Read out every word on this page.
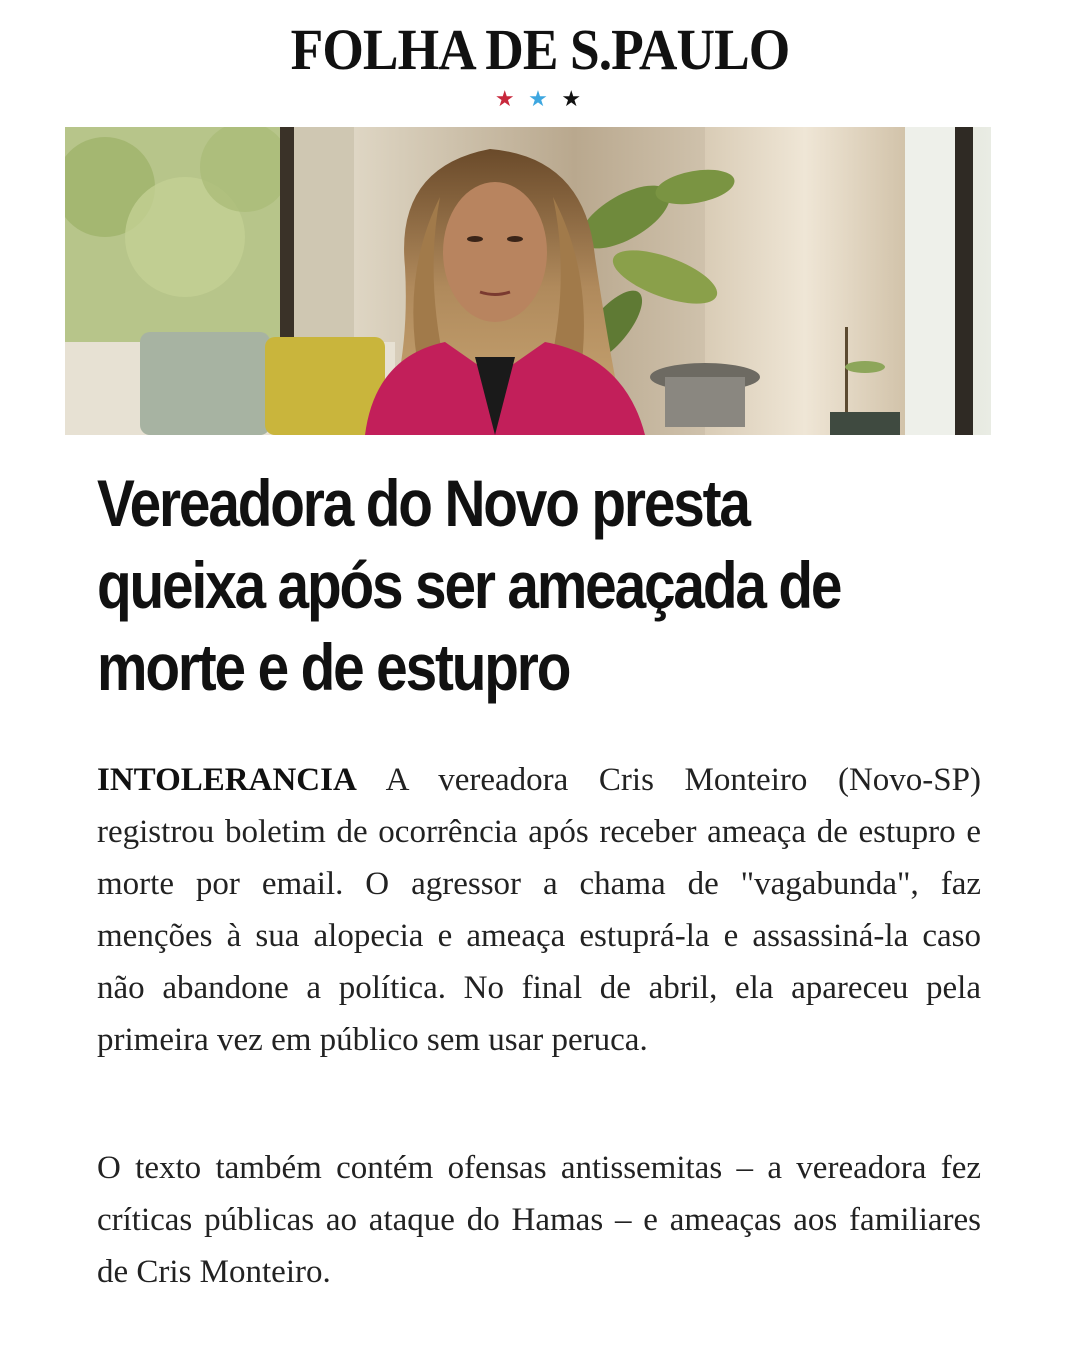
FOLHA DE S.PAULO
★ ★ ★
Vereadora do Novo presta queixa após ser ameaçada de morte e de estupro

INTOLERANCIA A vereadora Cris Monteiro (Novo-SP) registrou boletim de ocorrência após receber ameaça de estupro e morte por email. O agressor a chama de "vagabunda", faz menções à sua alopecia e ameaça estuprá-la e assassiná-la caso não abandone a política. No final de abril, ela apareceu pela primeira vez em público sem usar peruca.

O texto também contém ofensas antissemitas – a vereadora fez críticas públicas ao ataque do Hamas – e ameaças aos familiares de Cris Monteiro.
